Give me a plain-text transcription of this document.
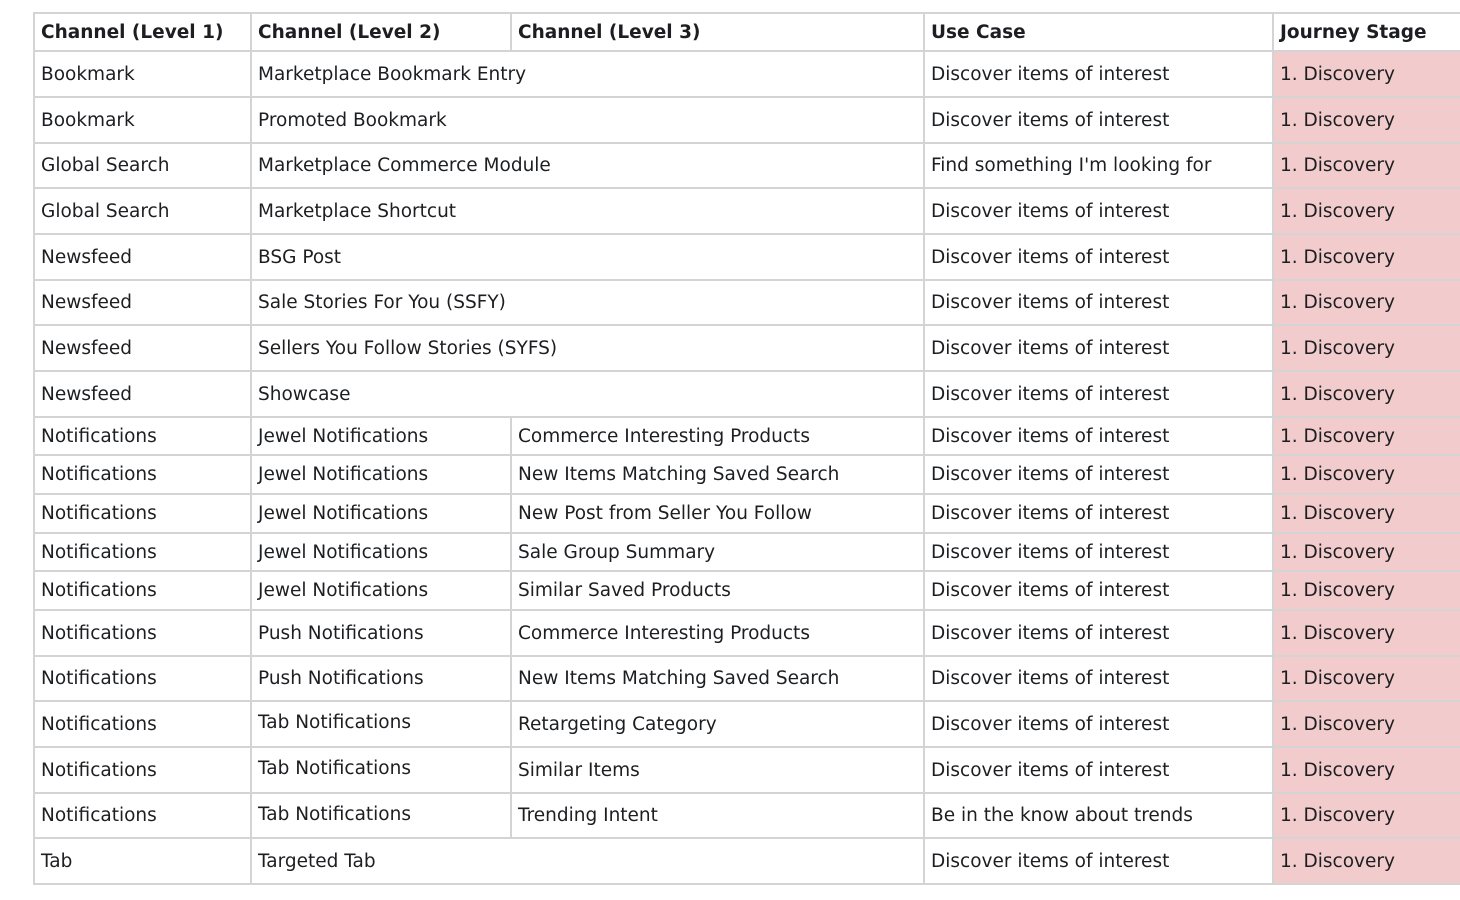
Channel (Level 1)	Channel (Level 2)	Channel (Level 3)	Use Case	Journey Stage
Bookmark	Marketplace Bookmark Entry		Discover items of interest	1. Discovery
Bookmark	Promoted Bookmark		Discover items of interest	1. Discovery
Global Search	Marketplace Commerce Module		Find something I'm looking for	1. Discovery
Global Search	Marketplace Shortcut		Discover items of interest	1. Discovery
Newsfeed	BSG Post		Discover items of interest	1. Discovery
Newsfeed	Sale Stories For You (SSFY)		Discover items of interest	1. Discovery
Newsfeed	Sellers You Follow Stories (SYFS)		Discover items of interest	1. Discovery
Newsfeed	Showcase		Discover items of interest	1. Discovery
Notifications	Jewel Notifications	Commerce Interesting Products	Discover items of interest	1. Discovery
Notifications	Jewel Notifications	New Items Matching Saved Search	Discover items of interest	1. Discovery
Notifications	Jewel Notifications	New Post from Seller You Follow	Discover items of interest	1. Discovery
Notifications	Jewel Notifications	Sale Group Summary	Discover items of interest	1. Discovery
Notifications	Jewel Notifications	Similar Saved Products	Discover items of interest	1. Discovery
Notifications	Push Notifications	Commerce Interesting Products	Discover items of interest	1. Discovery
Notifications	Push Notifications	New Items Matching Saved Search	Discover items of interest	1. Discovery
Notifications	Tab Notifications	Retargeting Category	Discover items of interest	1. Discovery
Notifications	Tab Notifications	Similar Items	Discover items of interest	1. Discovery
Notifications	Tab Notifications	Trending Intent	Be in the know about trends	1. Discovery
Tab	Targeted Tab		Discover items of interest	1. Discovery
